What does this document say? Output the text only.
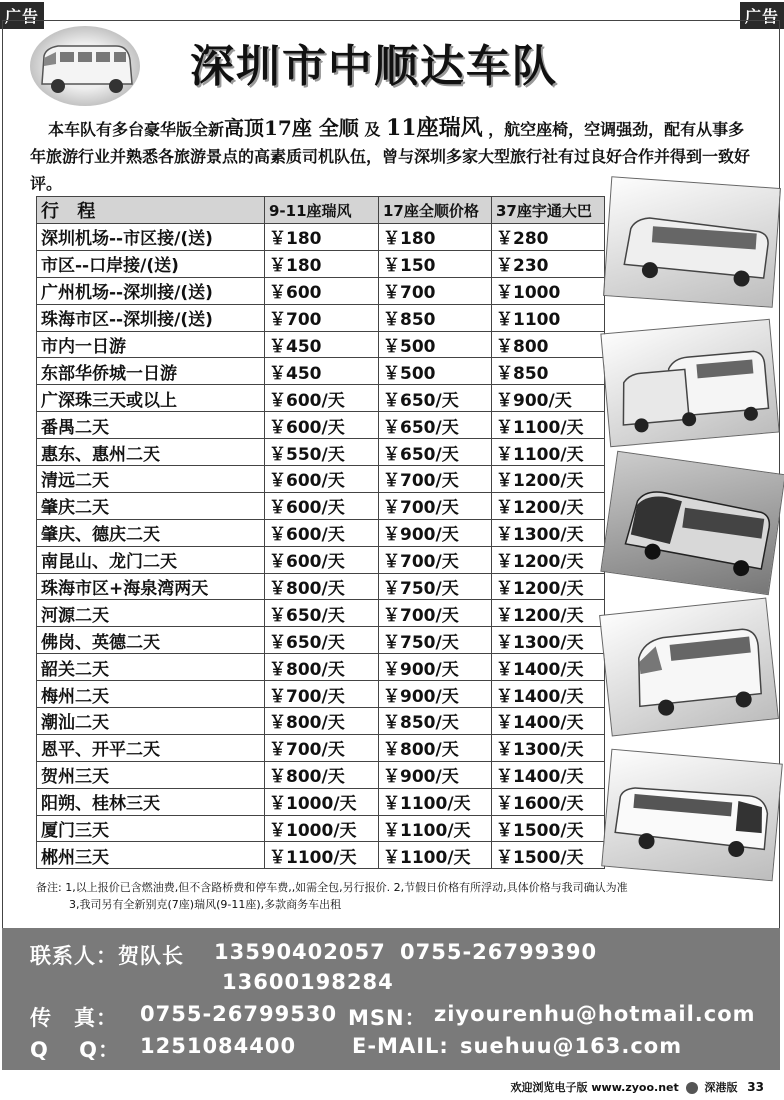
广告	广告
深圳市中顺达车队
本车队有多台豪华版全新高顶17座 全顺 及 11座瑞风 ，航空座椅，空调强劲，配有从事多年旅游行业并熟悉各旅游景点的高素质司机队伍，曾与深圳多家大型旅行社有过良好合作并得到一致好评。
行 程	9-11座瑞风	17座全顺价格	37座宇通大巴
深圳机场--市区接/(送)	￥180	￥180	￥280
市区--口岸接/(送)	￥180	￥150	￥230
广州机场--深圳接/(送)	￥600	￥700	￥1000
珠海市区--深圳接/(送)	￥700	￥850	￥1100
市内一日游	￥450	￥500	￥800
东部华侨城一日游	￥450	￥500	￥850
广深珠三天或以上	￥600/天	￥650/天	￥900/天
番禺二天	￥600/天	￥650/天	￥1100/天
惠东、惠州二天	￥550/天	￥650/天	￥1100/天
清远二天	￥600/天	￥700/天	￥1200/天
肇庆二天	￥600/天	￥700/天	￥1200/天
肇庆、德庆二天	￥600/天	￥900/天	￥1300/天
南昆山、龙门二天	￥600/天	￥700/天	￥1200/天
珠海市区+海泉湾两天	￥800/天	￥750/天	￥1200/天
河源二天	￥650/天	￥700/天	￥1200/天
佛岗、英德二天	￥650/天	￥750/天	￥1300/天
韶关二天	￥800/天	￥900/天	￥1400/天
梅州二天	￥700/天	￥900/天	￥1400/天
潮汕二天	￥800/天	￥850/天	￥1400/天
恩平、开平二天	￥700/天	￥800/天	￥1300/天
贺州三天	￥800/天	￥900/天	￥1400/天
阳朔、桂林三天	￥1000/天	￥1100/天	￥1600/天
厦门三天	￥1000/天	￥1100/天	￥1500/天
郴州三天	￥1100/天	￥1100/天	￥1500/天
备注: 1,以上报价已含燃油费,但不含路桥费和停车费,,如需全包,另行报价. 2,节假日价格有所浮动,具体价格与我司确认为准
3,我司另有全新别克(7座)瑞风(9-11座),多款商务车出租
联系人：贺队长 13590402057 0755-26799390
13600198284
传　真： 0755-26799530 MSN： ziyourenhu@hotmail.com
Q　 Q： 1251084400	E-MAIL: suehuu@163.com
欢迎浏览电子版 www.zyoo.net 深港版 33
